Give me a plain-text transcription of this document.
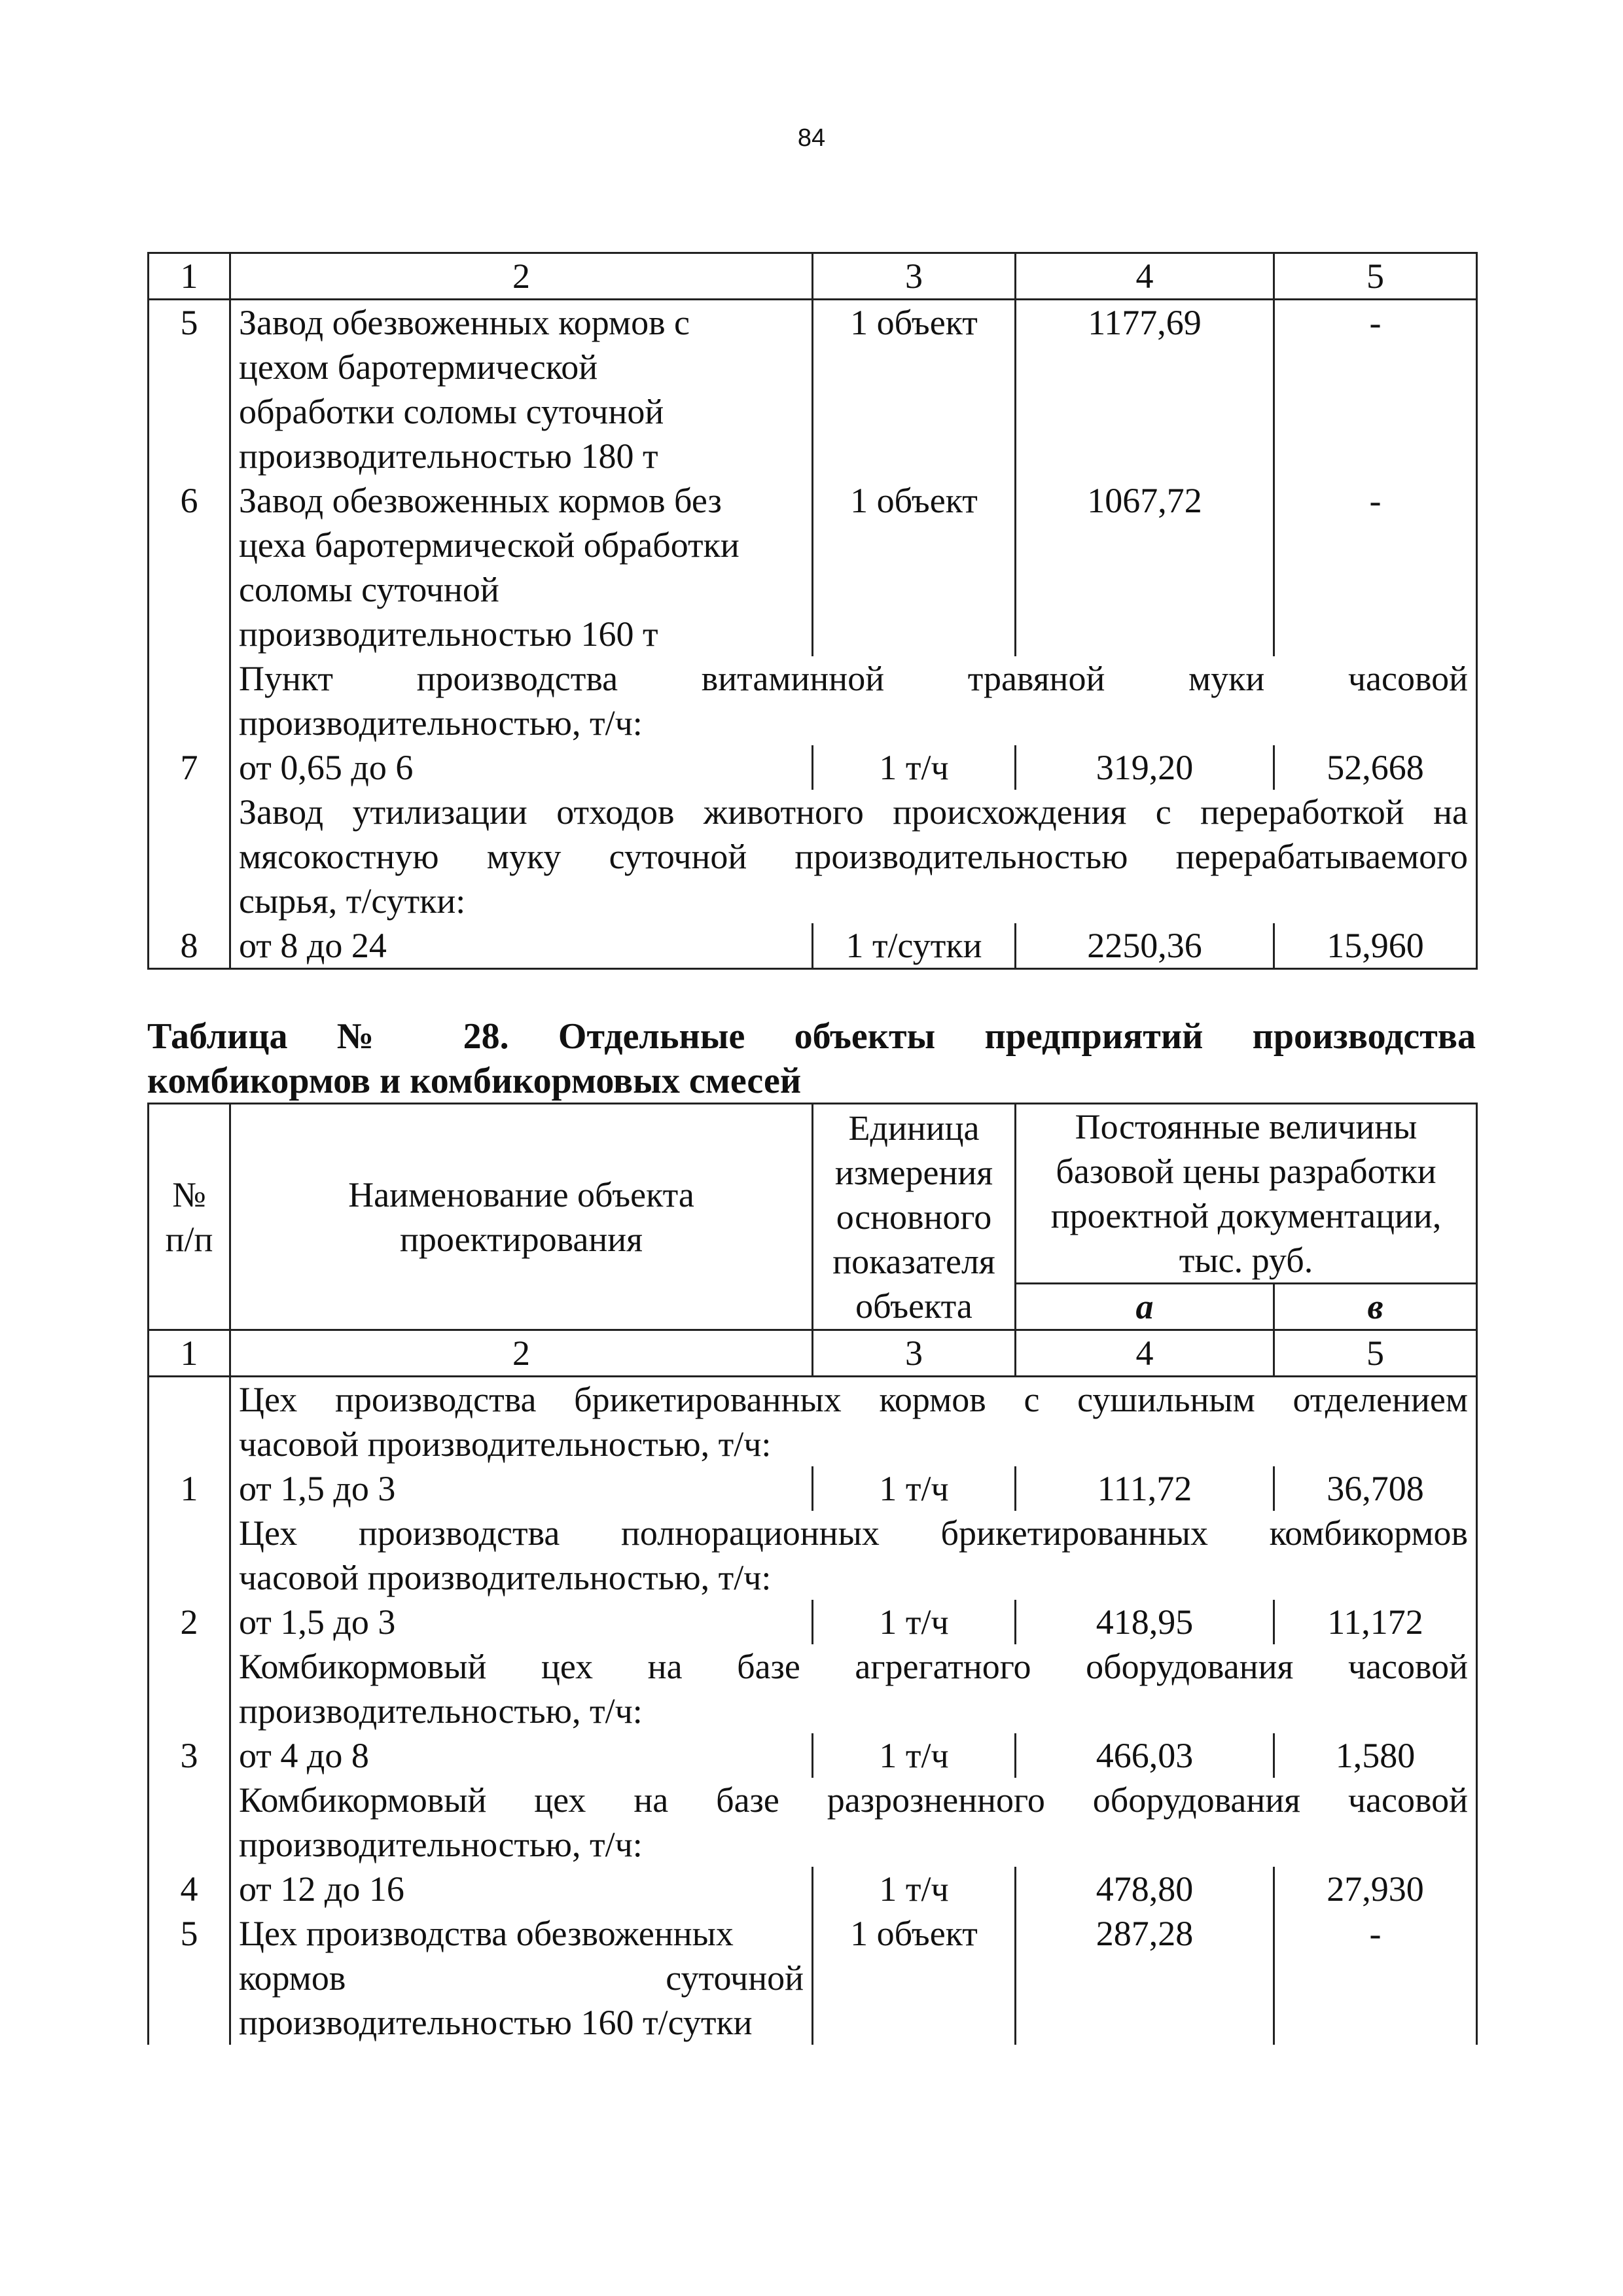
84
1	2	3	4	5
5	Завод обезвоженных кормов с
цехом баротермической
обработки соломы суточной
производительностью 180 т	1 объект	1177,69	-
6	Завод обезвоженных кормов без
цеха баротермической обработки
соломы суточной
производительностью 160 т	1 объект	1067,72	-

	Пункт производства витаминной травяной муки часовой
производительностью, т/ч:			

7	от 0,65 до 6	1 т/ч	319,20	52,668

	Завод утилизации отходов животного происхождения с переработкой на
мясокостную муку суточной производительностью перерабатываемого
сырья, т/сутки:			

8	от 8 до 24	1 т/сутки	2250,36	15,960
Таблица № 28. Отдельные объекты предприятий производства
комбикормов и комбикормовых смесей
№ п/п	Наименование объекта проектирования	Единица измерения основного показателя объекта	Постоянные величины базовой цены разработки проектной документации, тыс. руб.	
			а	в
1	2	3	4	5

	Цех производства брикетированных кормов с сушильным отделением
часовой производительностью, т/ч:			

1	от 1,5 до 3	1 т/ч	111,72	36,708

	Цех производства полнорационных брикетированных комбикормов
часовой производительностью, т/ч:			

2	от 1,5 до 3	1 т/ч	418,95	11,172

	Комбикормовый цех на базе агрегатного оборудования часовой
производительностью, т/ч:			

3	от 4 до 8	1 т/ч	466,03	1,580

	Комбикормовый цех на базе разрозненного оборудования часовой
производительностью, т/ч:			

4	от 12 до 16	1 т/ч	478,80	27,930
5	Цех производства обезвоженных
кормов суточной
производительностью 160 т/сутки	1 объект	287,28	-
